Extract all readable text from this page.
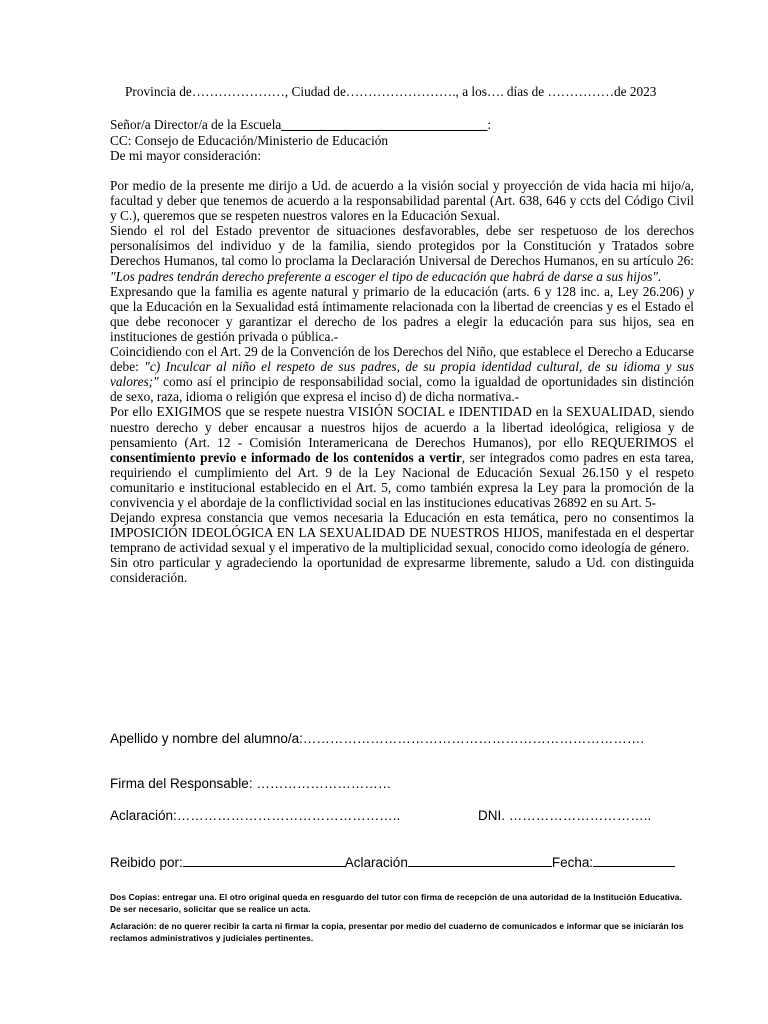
Provincia de…………………, Ciudad de……………………., a los…. días de ……………de 2023
Señor/a Director/a de la Escuela_______________________________:
CC: Consejo de Educación/Ministerio de Educación
De mi mayor consideración:

Por medio de la presente me dirijo a Ud. de acuerdo a la visión social y proyección de vida hacia mi hijo/a, facultad y deber que tenemos de acuerdo a la responsabilidad parental (Art. 638, 646 y ccts del Código Civil y C.), queremos que se respeten nuestros valores en la Educación Sexual.

Siendo el rol del Estado preventor de situaciones desfavorables, debe ser respetuoso de los derechos personalísimos del individuo y de la familia, siendo protegidos por la Constitución y Tratados sobre Derechos Humanos, tal como lo proclama la Declaración Universal de Derechos Humanos, en su artículo 26: "Los padres tendrán derecho preferente a escoger el tipo de educación que habrá de darse a sus hijos".

Expresando que la familia es agente natural y primario de la educación (arts. 6 y 128 inc. a, Ley 26.206) y que la Educación en la Sexualidad está íntimamente relacionada con la libertad de creencias y es el Estado el que debe reconocer y garantizar el derecho de los padres a elegir la educación para sus hijos, sea en instituciones de gestión privada o pública.-

Coincidiendo con el Art. 29 de la Convención de los Derechos del Niño, que establece el Derecho a Educarse debe: "c) Inculcar al niño el respeto de sus padres, de su propia identidad cultural, de su idioma y sus valores;" como así el principio de responsabilidad social, como la igualdad de oportunidades sin distinción de sexo, raza, idioma o religión que expresa el inciso d) de dicha normativa.-

Por ello EXIGIMOS que se respete nuestra VISIÓN SOCIAL e IDENTIDAD en la SEXUALIDAD, siendo nuestro derecho y deber encausar a nuestros hijos de acuerdo a la libertad ideológica, religiosa y de pensamiento (Art. 12 - Comisión Interamericana de Derechos Humanos), por ello REQUERIMOS el consentimiento previo e informado de los contenidos a vertir, ser integrados como padres en esta tarea, requiriendo el cumplimiento del Art. 9 de la Ley Nacional de Educación Sexual 26.150 y el respeto comunitario e institucional establecido en el Art. 5, como también expresa la Ley para la promoción de la convivencia y el abordaje de la conflictividad social en las instituciones educativas 26892 en su Art. 5-

Dejando expresa constancia que vemos necesaria la Educación en esta temática, pero no consentimos la IMPOSICIÓN IDEOLÓGICA EN LA SEXUALIDAD DE NUESTROS HIJOS, manifestada en el despertar temprano de actividad sexual y el imperativo de la multiplicidad sexual, conocido como ideología de género.

Sin otro particular y agradeciendo la oportunidad de expresarme libremente, saludo a Ud. con distinguida consideración.

Apellido y nombre del alumno/a:………………………………………………………………….
Firma del Responsable: …………………………
Aclaración:…………………………………………..	DNI. …………………………..
Reibido por:	Aclaración	Fecha:

Dos Copias: entregar una. El otro original queda en resguardo del tutor con firma de recepción de una autoridad de la Institución Educativa. De ser necesario, solicitar que se realice un acta.

Aclaración: de no querer recibir la carta ni firmar la copia, presentar por medio del cuaderno de comunicados e informar que se iniciarán los reclamos administrativos y judiciales pertinentes.
